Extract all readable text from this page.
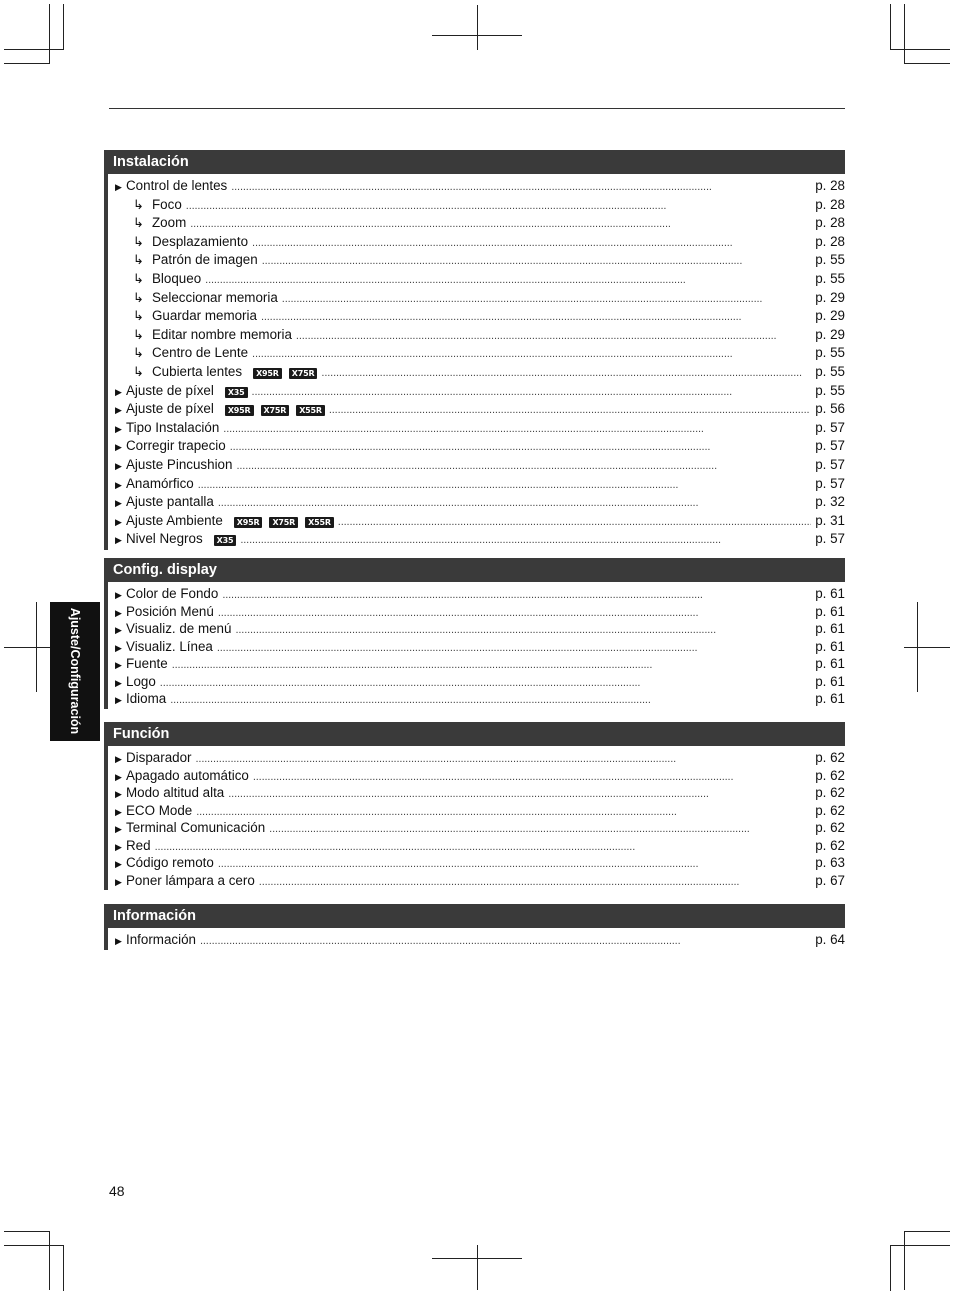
Instalación
▶ Control de lentes . . .	p. 28
↳ Foco . . .	p. 28
↳ Zoom . . .	p. 28
↳ Desplazamiento . . .	p. 28
↳ Patrón de imagen . . .	p. 55
↳ Bloqueo . . .	p. 55
↳ Seleccionar memoria . . .	p. 29
↳ Guardar memoria . . .	p. 29
↳ Editar nombre memoria . . .	p. 29
↳ Centro de Lente . . .	p. 55
↳ Cubierta lentes	X95R	X75R . . .	p. 55
▶ Ajuste de píxel	X35 . . .	p. 55
▶ Ajuste de píxel	X95R	X75R	X55R . . .	p. 56
▶ Tipo Instalación . . .	p. 57
▶ Corregir trapecio . . .	p. 57
▶ Ajuste Pincushion . . .	p. 57
▶ Anamórfico . . .	p. 57
▶ Ajuste pantalla . . .	p. 32
▶ Ajuste Ambiente	X95R	X75R	X55R . . .	p. 31
▶ Nivel Negros	X35 . . .	p. 57
Config. display
▶ Color de Fondo . . .	p. 61
▶ Posición Menú . . .	p. 61
▶ Visualiz. de menú . . .	p. 61
▶ Visualiz. Línea . . .	p. 61
▶ Fuente . . .	p. 61
▶ Logo . . .	p. 61
▶ Idioma . . .	p. 61
Función
▶ Disparador . . .	p. 62
▶ Apagado automático . . .	p. 62
▶ Modo altitud alta . . .	p. 62
▶ ECO Mode . . .	p. 62
▶ Terminal Comunicación . . .	p. 62
▶ Red . . .	p. 62
▶ Código remoto . . .	p. 63
▶ Poner lámpara a cero . . .	p. 67
Información
▶ Información . . .	p. 64
Ajuste/Configuración
48
